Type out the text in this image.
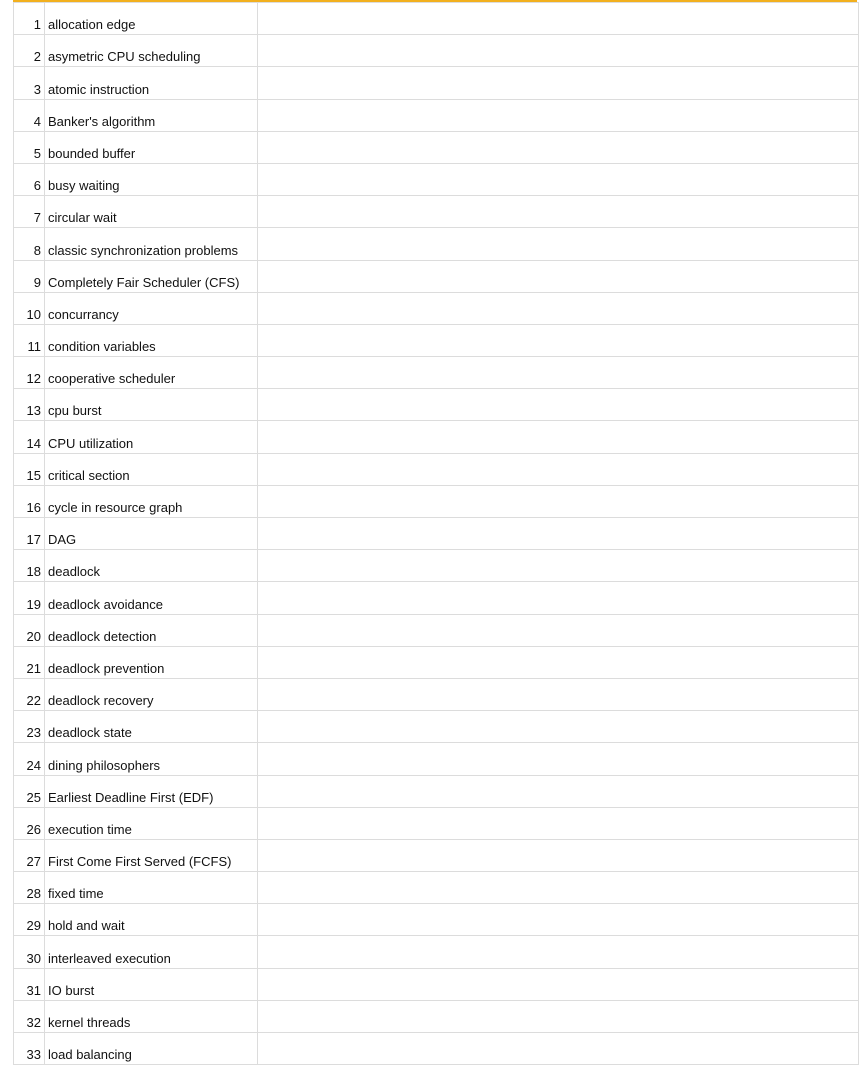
1	allocation edge	
2	asymetric CPU scheduling	
3	atomic instruction	
4	Banker's algorithm	
5	bounded buffer	
6	busy waiting	
7	circular wait	
8	classic synchronization problems	
9	Completely Fair Scheduler (CFS)	
10	concurrancy	
11	condition variables	
12	cooperative scheduler	
13	cpu burst	
14	CPU utilization	
15	critical section	
16	cycle in resource graph	
17	DAG	
18	deadlock	
19	deadlock avoidance	
20	deadlock detection	
21	deadlock prevention	
22	deadlock recovery	
23	deadlock state	
24	dining philosophers	
25	Earliest Deadline First (EDF)	
26	execution time	
27	First Come First Served (FCFS)	
28	fixed time	
29	hold and wait	
30	interleaved execution	
31	IO burst	
32	kernel threads	
33	load balancing	
